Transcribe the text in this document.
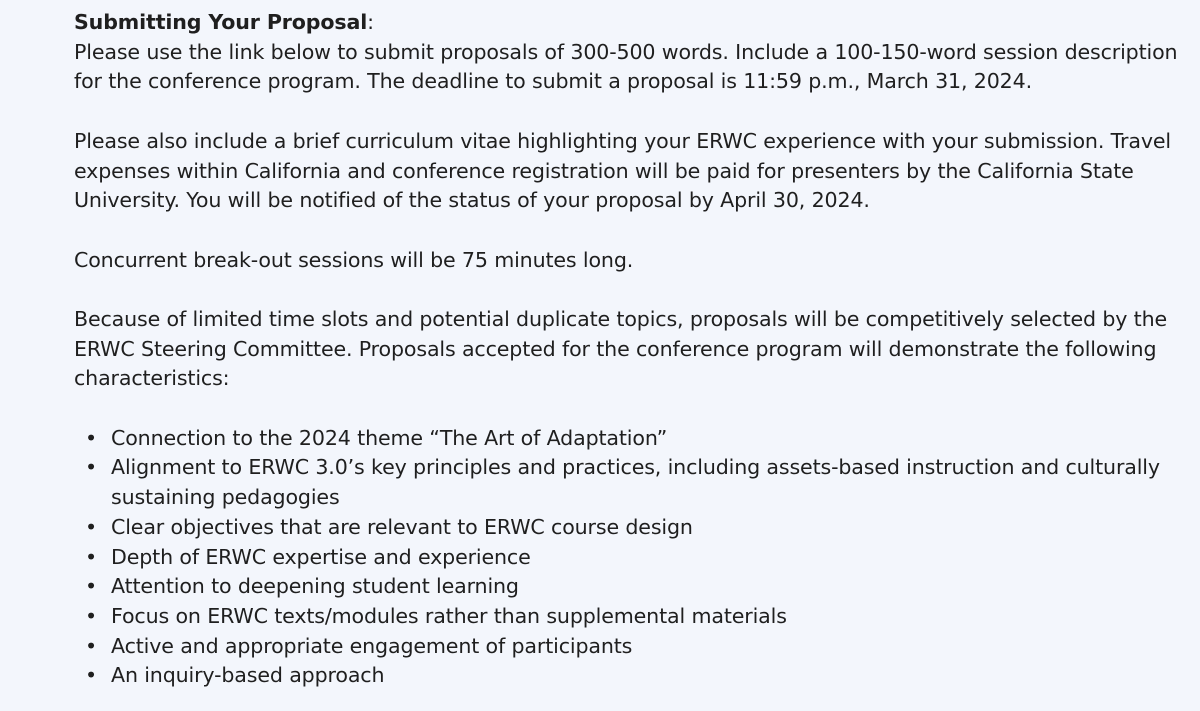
Submitting Your Proposal:

Please use the link below to submit proposals of 300-500 words. Include a 100-150-word session description for the conference program. The deadline to submit a proposal is 11:59 p.m., March 31, 2024.

Please also include a brief curriculum vitae highlighting your ERWC experience with your submission. Travel expenses within California and conference registration will be paid for presenters by the California State University. You will be notified of the status of your proposal by April 30, 2024.

Concurrent break-out sessions will be 75 minutes long.

Because of limited time slots and potential duplicate topics, proposals will be competitively selected by the ERWC Steering Committee. Proposals accepted for the conference program will demonstrate the following characteristics:

• Connection to the 2024 theme “The Art of Adaptation”
• Alignment to ERWC 3.0’s key principles and practices, including assets-based instruction and culturally sustaining pedagogies
• Clear objectives that are relevant to ERWC course design
• Depth of ERWC expertise and experience
• Attention to deepening student learning
• Focus on ERWC texts/modules rather than supplemental materials
• Active and appropriate engagement of participants
• An inquiry-based approach
